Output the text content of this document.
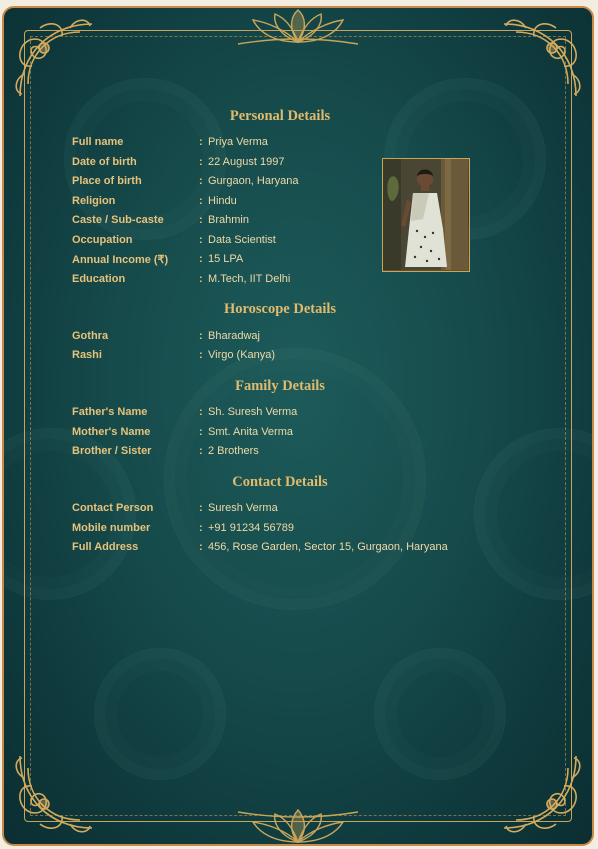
Personal Details
Full name	: Priya Verma
Date of birth	: 22 August 1997
Place of birth	: Gurgaon, Haryana
Religion	: Hindu
Caste / Sub-caste	: Brahmin
Occupation	: Data Scientist
Annual Income (₹)	: 15 LPA
Education	: M.Tech, IIT Delhi
Horoscope Details
Gothra	: Bharadwaj
Rashi	: Virgo (Kanya)
Family Details
Father's Name	: Sh. Suresh Verma
Mother's Name	: Smt. Anita Verma
Brother / Sister	: 2 Brothers
Contact Details
Contact Person	: Suresh Verma
Mobile number	: +91 91234 56789
Full Address	: 456, Rose Garden, Sector 15, Gurgaon, Haryana
